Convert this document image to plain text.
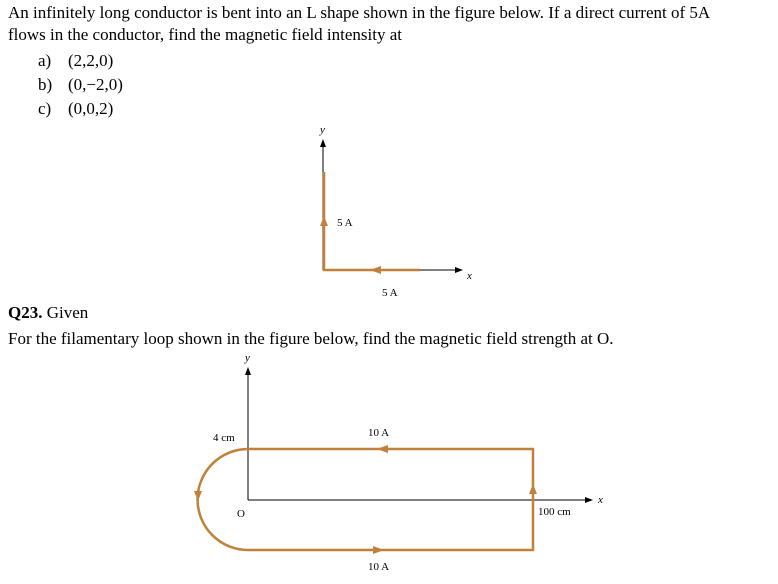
An infinitely long conductor is bent into an L shape shown in the figure below. If a direct current of 5A
flows in the conductor, find the magnetic field intensity at
a) (2,2,0)
b) (0,−2,0)
c) (0,0,2)
Q23. Given
For the filamentary loop shown in the figure below, find the magnetic field strength at O.
y
x
5 A
5 A
y
x
O
4 cm	10 A
10 A
100 cm
